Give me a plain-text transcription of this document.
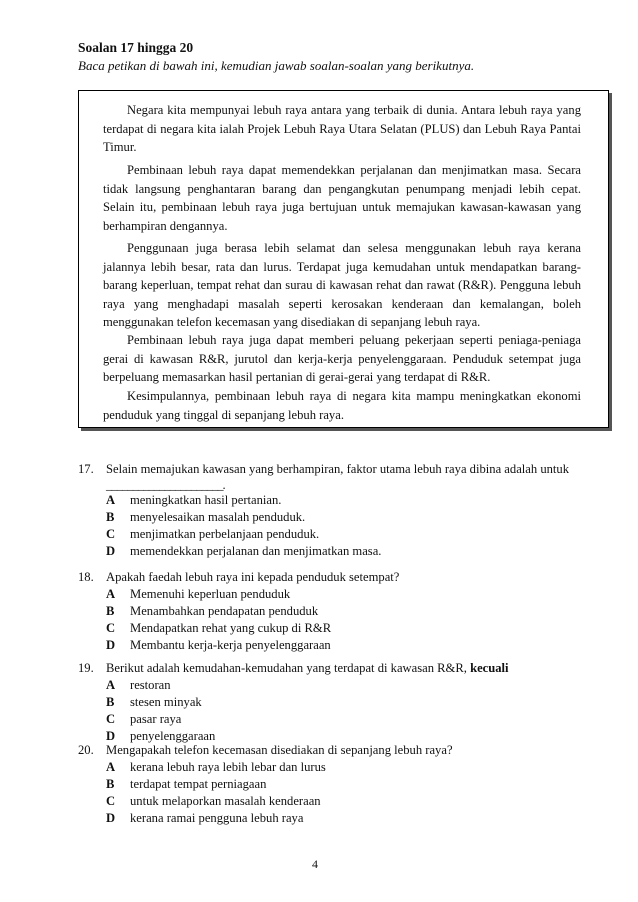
Soalan 17 hingga 20
Baca petikan di bawah ini, kemudian jawab soalan-soalan yang berikutnya.

Negara kita mempunyai lebuh raya antara yang terbaik di dunia. Antara lebuh raya yang terdapat di negara kita ialah Projek Lebuh Raya Utara Selatan (PLUS) dan Lebuh Raya Pantai Timur.

Pembinaan lebuh raya dapat memendekkan perjalanan dan menjimatkan masa. Secara tidak langsung penghantaran barang dan pengangkutan penumpang menjadi lebih cepat. Selain itu, pembinaan lebuh raya juga bertujuan untuk memajukan kawasan-kawasan yang berhampiran dengannya.

Penggunaan juga berasa lebih selamat dan selesa menggunakan lebuh raya kerana jalannya lebih besar, rata dan lurus. Terdapat juga kemudahan untuk mendapatkan barang-barang keperluan, tempat rehat dan surau di kawasan rehat dan rawat (R&R). Pengguna lebuh raya yang menghadapi masalah seperti kerosakan kenderaan dan kemalangan, boleh menggunakan telefon kecemasan yang disediakan di sepanjang lebuh raya.

Pembinaan lebuh raya juga dapat memberi peluang pekerjaan seperti peniaga-peniaga gerai di kawasan R&R, jurutol dan kerja-kerja penyelenggaraan. Penduduk setempat juga berpeluang memasarkan hasil pertanian di gerai-gerai yang terdapat di R&R.

Kesimpulannya, pembinaan lebuh raya di negara kita mampu meningkatkan ekonomi penduduk yang tinggal di sepanjang lebuh raya.

17. Selain memajukan kawasan yang berhampiran, faktor utama lebuh raya dibina adalah untuk
______________________.
A	meningkatkan hasil pertanian.
B	menyelesaikan masalah penduduk.
C	menjimatkan perbelanjaan penduduk.
D	memendekkan perjalanan dan menjimatkan masa.
18. Apakah faedah lebuh raya ini kepada penduduk setempat?
A	Memenuhi keperluan penduduk
B	Menambahkan pendapatan penduduk
C	Mendapatkan rehat yang cukup di R&R
D	Membantu kerja-kerja penyelenggaraan
19. Berikut adalah kemudahan-kemudahan yang terdapat di kawasan R&R, kecuali
A	restoran
B	stesen minyak
C	pasar raya
D	penyelenggaraan
20. Mengapakah telefon kecemasan disediakan di sepanjang lebuh raya?
A	kerana lebuh raya lebih lebar dan lurus
B	terdapat tempat perniagaan
C	untuk melaporkan masalah kenderaan
D	kerana ramai pengguna lebuh raya
4
